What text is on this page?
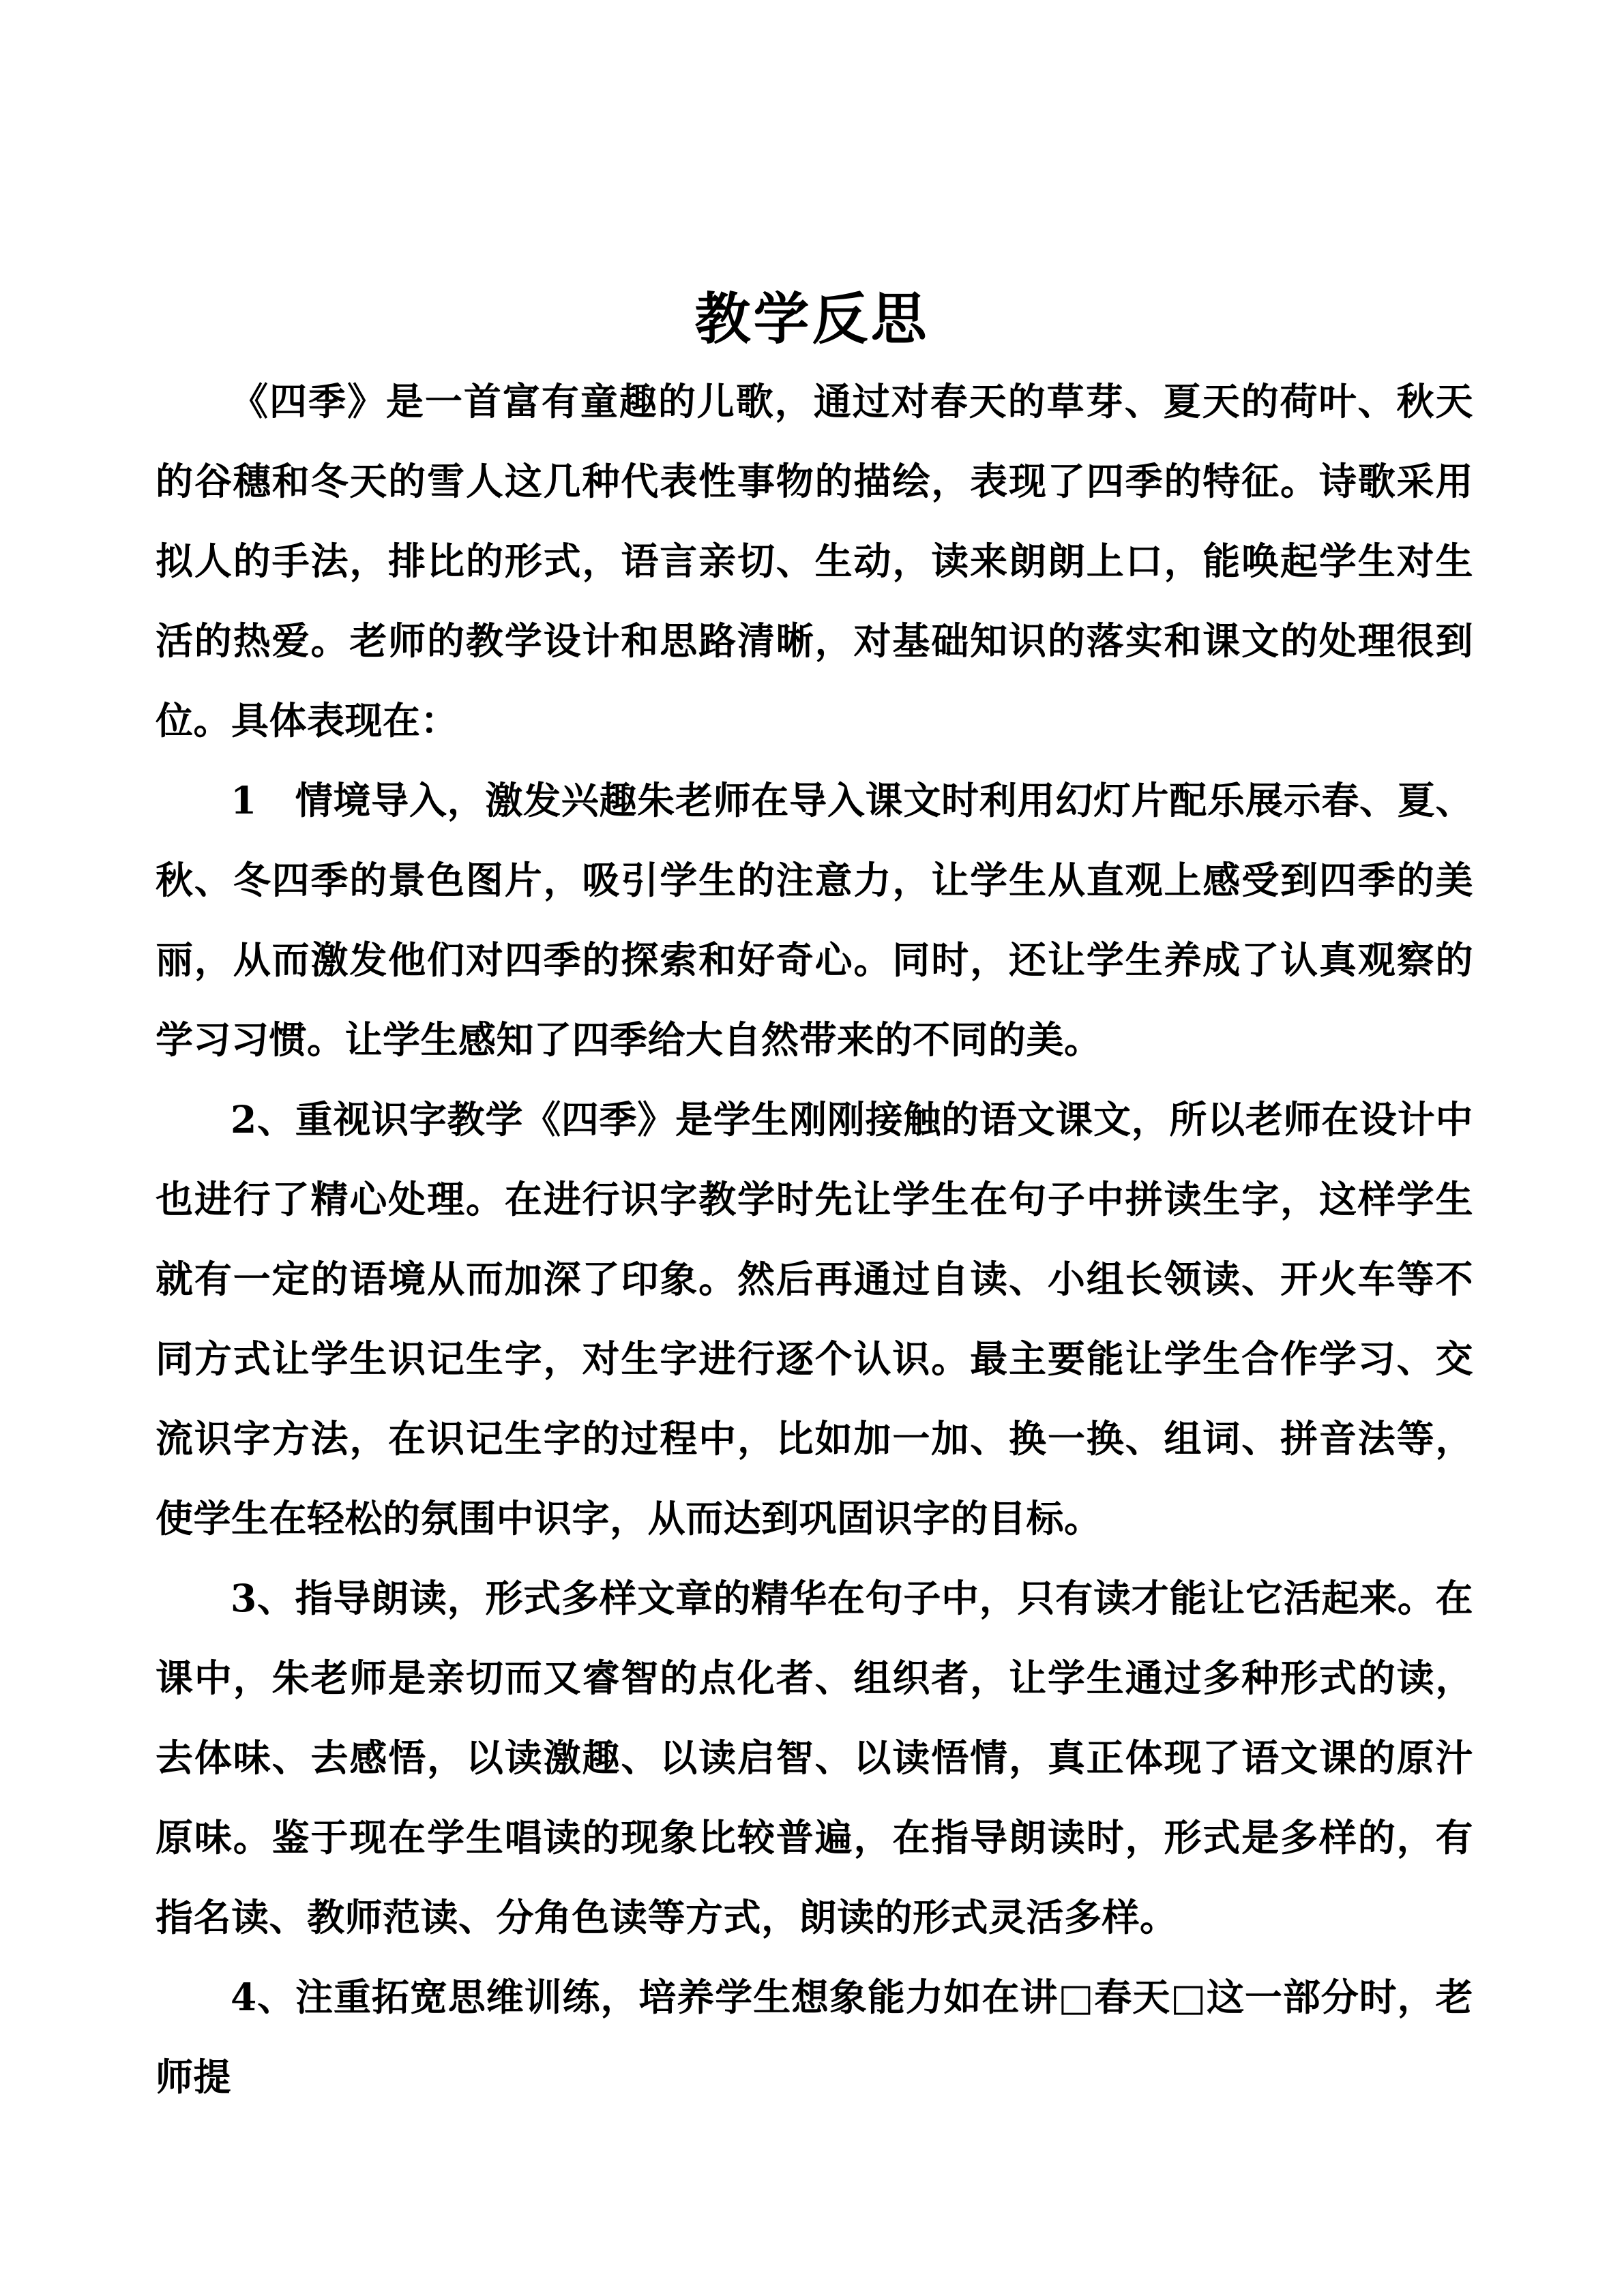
教学反思

《四季》是一首富有童趣的儿歌，通过对春天的草芽、夏天的荷叶、秋天的谷穗和冬天的雪人这几种代表性事物的描绘，表现了四季的特征。诗歌采用拟人的手法，排比的形式，语言亲切、生动，读来朗朗上口，能唤起学生对生活的热爱。老师的教学设计和思路清晰，对基础知识的落实和课文的处理很到位。具体表现在：

1　情境导入，激发兴趣朱老师在导入课文时利用幻灯片配乐展示春、夏、秋、冬四季的景色图片，吸引学生的注意力，让学生从直观上感受到四季的美丽，从而激发他们对四季的探索和好奇心。同时，还让学生养成了认真观察的学习习惯。让学生感知了四季给大自然带来的不同的美。

2、重视识字教学《四季》是学生刚刚接触的语文课文，所以老师在设计中也进行了精心处理。在进行识字教学时先让学生在句子中拼读生字，这样学生就有一定的语境从而加深了印象。然后再通过自读、小组长领读、开火车等不同方式让学生识记生字，对生字进行逐个认识。最主要能让学生合作学习、交流识字方法，在识记生字的过程中，比如加一加、换一换、组词、拼音法等，使学生在轻松的氛围中识字，从而达到巩固识字的目标。

3、指导朗读，形式多样文章的精华在句子中，只有读才能让它活起来。在课中，朱老师是亲切而又睿智的点化者、组织者，让学生通过多种形式的读，去体味、去感悟，以读激趣、以读启智、以读悟情，真正体现了语文课的原汁原味。鉴于现在学生唱读的现象比较普遍，在指导朗读时，形式是多样的，有指名读、教师范读、分角色读等方式，朗读的形式灵活多样。

4、注重拓宽思维训练，培养学生想象能力如在讲□春天□这一部分时，老师提
